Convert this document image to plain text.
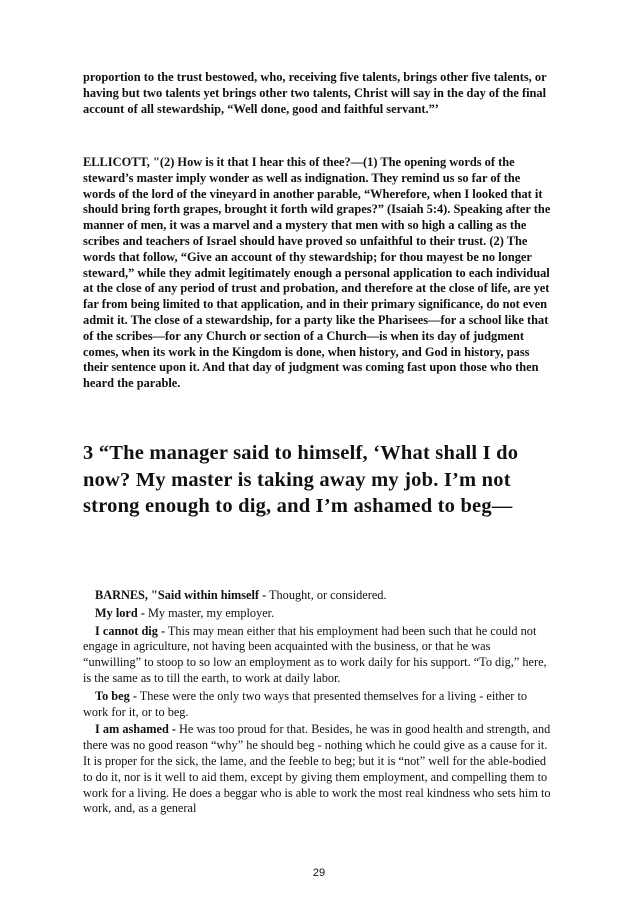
proportion to the trust bestowed, who, receiving five talents, brings other five talents, or having but two talents yet brings other two talents, Christ will say in the day of the final account of all stewardship, “Well done, good and faithful servant.”’

ELLICOTT, "(2) How is it that I hear this of thee?—(1) The opening words of the steward’s master imply wonder as well as indignation. They remind us so far of the words of the lord of the vineyard in another parable, “Wherefore, when I looked that it should bring forth grapes, brought it forth wild grapes?” (Isaiah 5:4). Speaking after the manner of men, it was a marvel and a mystery that men with so high a calling as the scribes and teachers of Israel should have proved so unfaithful to their trust. (2) The words that follow, “Give an account of thy stewardship; for thou mayest be no longer steward,” while they admit legitimately enough a personal application to each individual at the close of any period of trust and probation, and therefore at the close of life, are yet far from being limited to that application, and in their primary significance, do not even admit it. The close of a stewardship, for a party like the Pharisees—for a school like that of the scribes—for any Church or section of a Church—is when its day of judgment comes, when its work in the Kingdom is done, when history, and God in history, pass their sentence upon it. And that day of judgment was coming fast upon those who then heard the parable.

3 “The manager said to himself, ‘What shall I do now? My master is taking away my job. I’m not strong enough to dig, and I’m ashamed to beg—

BARNES, "Said within himself - Thought, or considered.

My lord - My master, my employer.

I cannot dig - This may mean either that his employment had been such that he could not engage in agriculture, not having been acquainted with the business, or that he was “unwilling” to stoop to so low an employment as to work daily for his support. “To dig,” here, is the same as to till the earth, to work at daily labor.

To beg - These were the only two ways that presented themselves for a living - either to work for it, or to beg.

I am ashamed - He was too proud for that. Besides, he was in good health and strength, and there was no good reason “why” he should beg - nothing which he could give as a cause for it. It is proper for the sick, the lame, and the feeble to beg; but it is “not” well for the able-bodied to do it, nor is it well to aid them, except by giving them employment, and compelling them to work for a living. He does a beggar who is able to work the most real kindness who sets him to work, and, as a general

29
